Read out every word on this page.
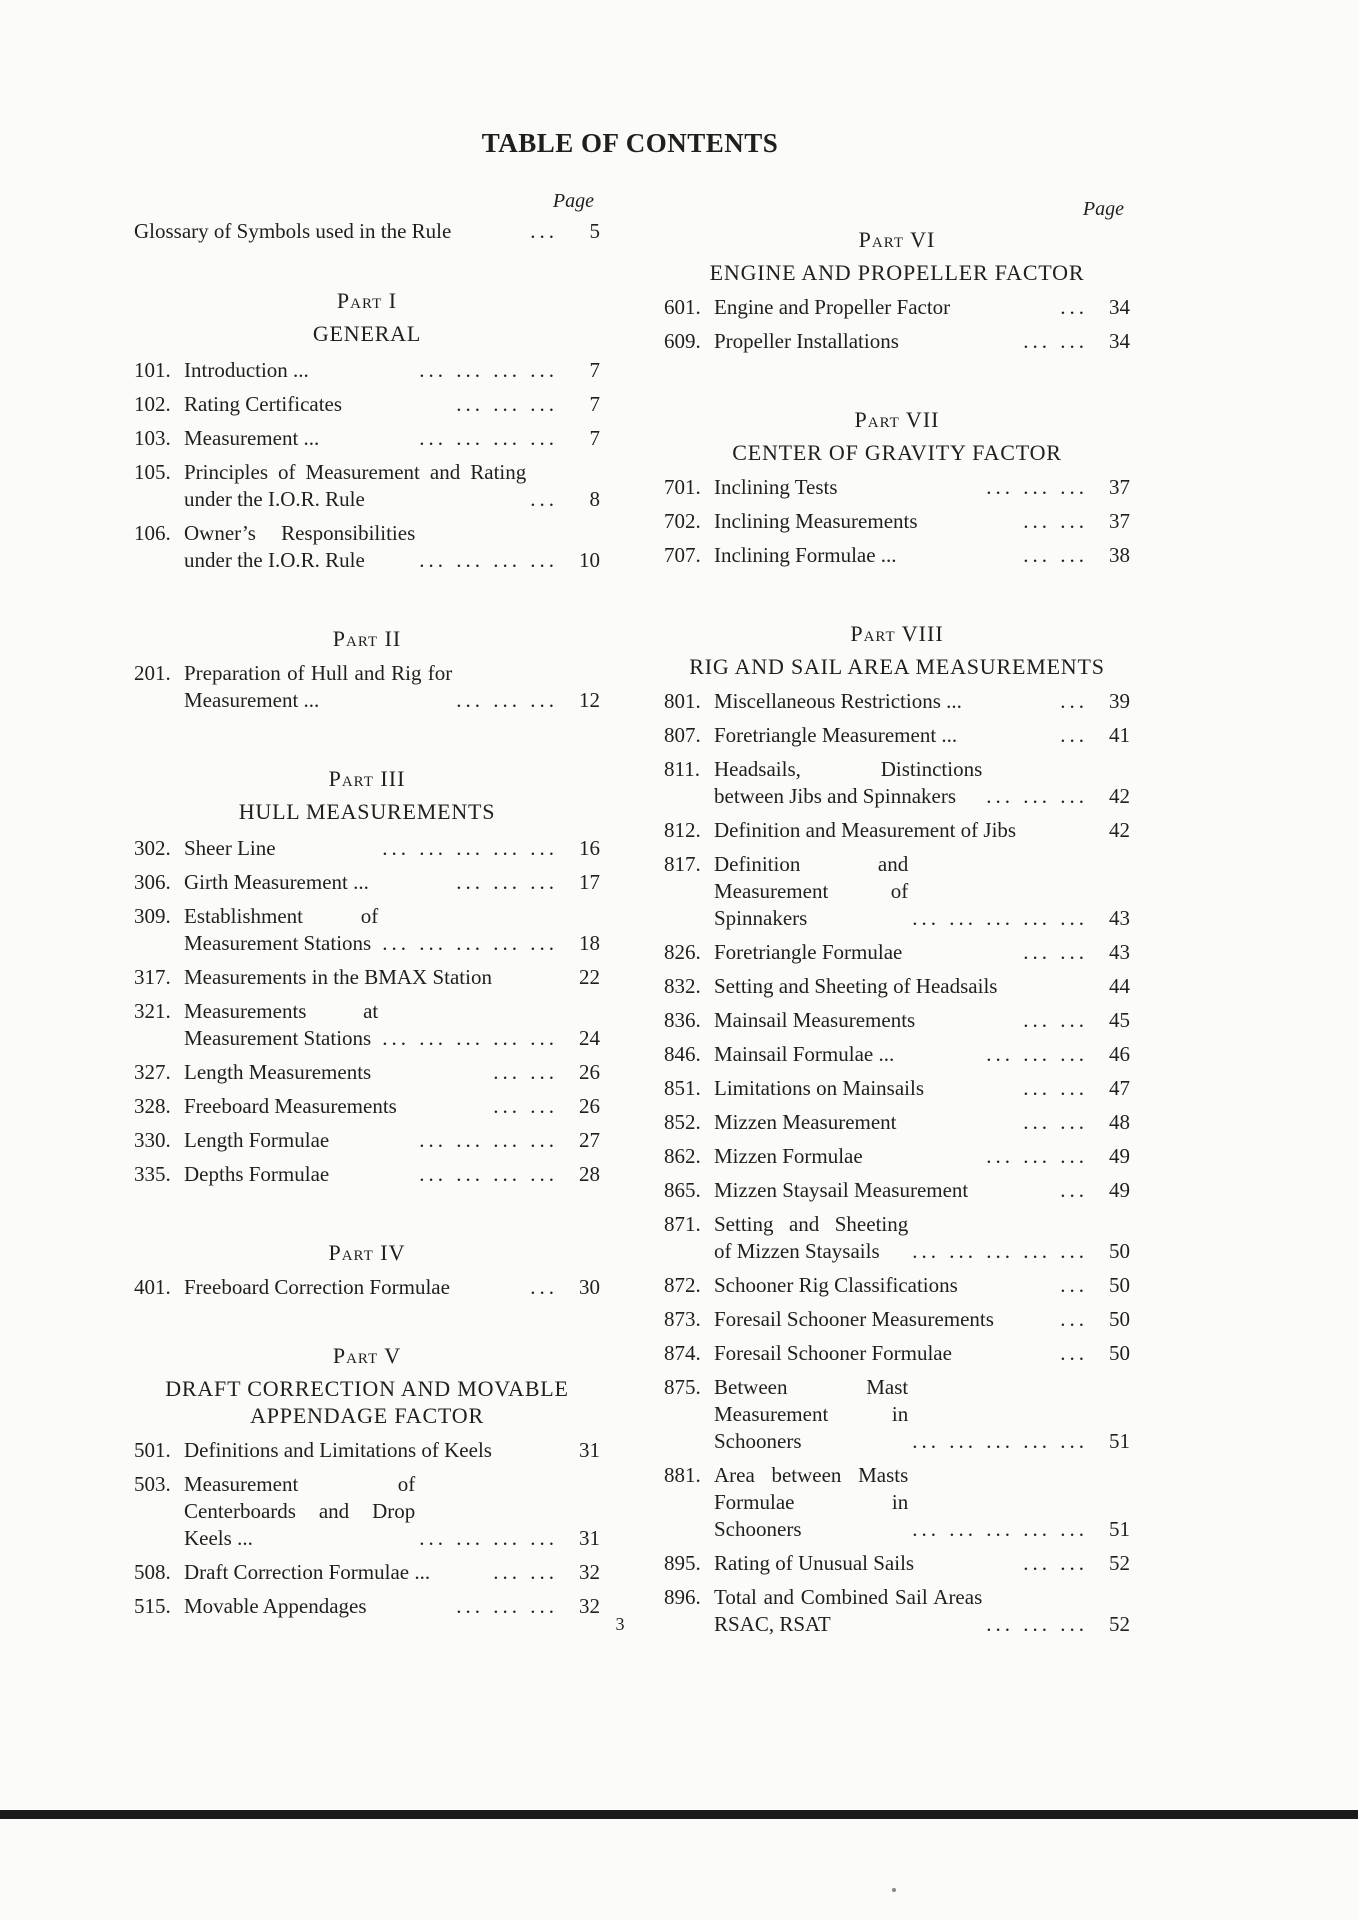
TABLE OF CONTENTS
Page
Glossary of Symbols used in the Rule	...	5
Part I
GENERAL
101. Introduction ...	... ... ... ...	7
102. Rating Certificates	... ... ...	7
103. Measurement ...	... ... ... ...	7
105. Principles of Measurement and Rating under the I.O.R. Rule	...	8
106. Owner’s Responsibilities under the I.O.R. Rule	... ... ... ...	10
Part II
201. Preparation of Hull and Rig for Measurement ...	... ... ...	12
Part III
HULL MEASUREMENTS
302. Sheer Line	... ... ... ... ...	16
306. Girth Measurement ...	... ... ...	17
309. Establishment of Measurement Stations ... ... ... ... ...	18
317. Measurements in the BMAX Station	22
321. Measurements at Measurement Stations ... ... ... ... ...	24
327. Length Measurements	... ...	26
328. Freeboard Measurements	... ...	26
330. Length Formulae	... ... ... ...	27
335. Depths Formulae	... ... ... ...	28
Part IV
401. Freeboard Correction Formulae	...	30
Part V
DRAFT CORRECTION AND MOVABLE APPENDAGE FACTOR
501. Definitions and Limitations of Keels	31
503. Measurement of Centerboards and Drop Keels ...	... ... ... ...	31
508. Draft Correction Formulae ...	... ...	32
515. Movable Appendages	... ... ...	32
Page
Part VI
ENGINE AND PROPELLER FACTOR
601. Engine and Propeller Factor	...	34
609. Propeller Installations	... ...	34
Part VII
CENTER OF GRAVITY FACTOR
701. Inclining Tests	... ... ...	37
702. Inclining Measurements	... ...	37
707. Inclining Formulae ...	... ...	38
Part VIII
RIG AND SAIL AREA MEASUREMENTS
801. Miscellaneous Restrictions ...	...	39
807. Foretriangle Measurement ...	...	41
811. Headsails, Distinctions between Jibs and Spinnakers	... ... ...	42
812. Definition and Measurement of Jibs	42
817. Definition and Measurement of Spinnakers	... ... ... ... ...	43
826. Foretriangle Formulae	... ...	43
832. Setting and Sheeting of Headsails	44
836. Mainsail Measurements	... ...	45
846. Mainsail Formulae ...	... ... ...	46
851. Limitations on Mainsails	... ...	47
852. Mizzen Measurement	... ...	48
862. Mizzen Formulae	... ... ...	49
865. Mizzen Staysail Measurement	...	49
871. Setting and Sheeting of Mizzen Staysails	... ... ... ... ...	50
872. Schooner Rig Classifications	...	50
873. Foresail Schooner Measurements	...	50
874. Foresail Schooner Formulae	...	50
875. Between Mast Measurement in Schooners	... ... ... ... ...	51
881. Area between Masts Formulae in Schooners	... ... ... ... ...	51
895. Rating of Unusual Sails	... ...	52
896. Total and Combined Sail Areas RSAC, RSAT	... ... ...	52
3
